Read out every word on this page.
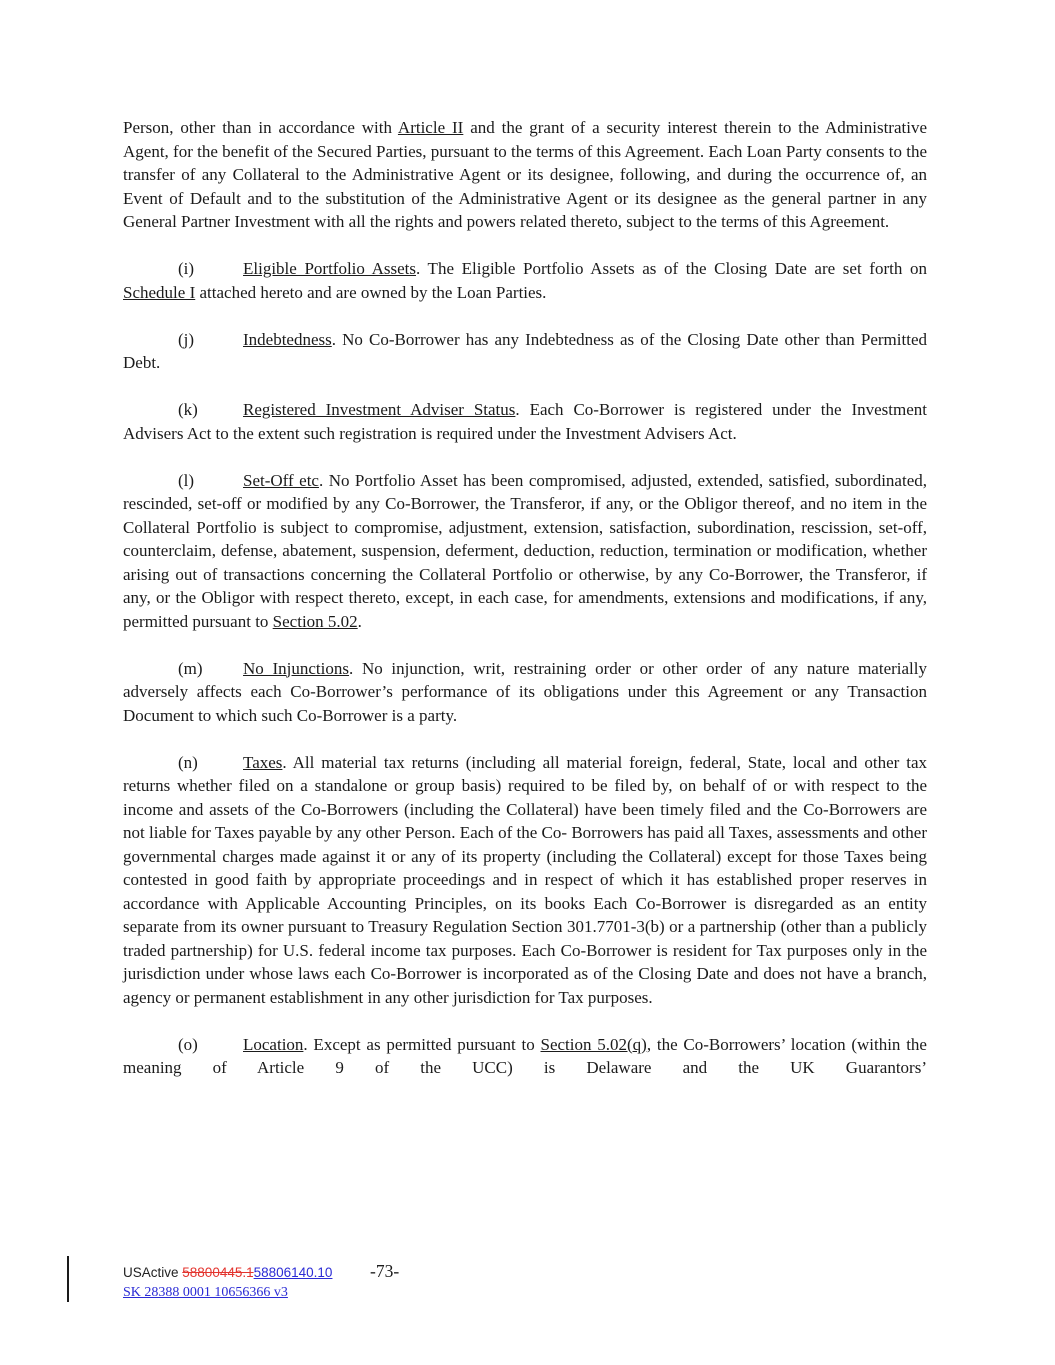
Person, other than in accordance with Article II and the grant of a security interest therein to the Administrative Agent, for the benefit of the Secured Parties, pursuant to the terms of this Agreement. Each Loan Party consents to the transfer of any Collateral to the Administrative Agent or its designee, following, and during the occurrence of, an Event of Default and to the substitution of the Administrative Agent or its designee as the general partner in any General Partner Investment with all the rights and powers related thereto, subject to the terms of this Agreement.

(i)	Eligible Portfolio Assets. The Eligible Portfolio Assets as of the Closing Date are set forth on Schedule I attached hereto and are owned by the Loan Parties.

(j)	Indebtedness. No Co-Borrower has any Indebtedness as of the Closing Date other than Permitted Debt.

(k)	Registered Investment Adviser Status. Each Co-Borrower is registered under the Investment Advisers Act to the extent such registration is required under the Investment Advisers Act.

(l)	Set-Off etc. No Portfolio Asset has been compromised, adjusted, extended, satisfied, subordinated, rescinded, set-off or modified by any Co-Borrower, the Transferor, if any, or the Obligor thereof, and no item in the Collateral Portfolio is subject to compromise, adjustment, extension, satisfaction, subordination, rescission, set-off, counterclaim, defense, abatement, suspension, deferment, deduction, reduction, termination or modification, whether arising out of transactions concerning the Collateral Portfolio or otherwise, by any Co-Borrower, the Transferor, if any, or the Obligor with respect thereto, except, in each case, for amendments, extensions and modifications, if any, permitted pursuant to Section 5.02.

(m) No Injunctions. No injunction, writ, restraining order or other order of any nature materially adversely affects each Co-Borrower’s performance of its obligations under this Agreement or any Transaction Document to which such Co-Borrower is a party.

(n)	Taxes. All material tax returns (including all material foreign, federal, State, local and other tax returns whether filed on a standalone or group basis) required to be filed by, on behalf of or with respect to the income and assets of the Co-Borrowers (including the Collateral) have been timely filed and the Co-Borrowers are not liable for Taxes payable by any other Person. Each of the Co- Borrowers has paid all Taxes, assessments and other governmental charges made against it or any of its property (including the Collateral) except for those Taxes being contested in good faith by appropriate proceedings and in respect of which it has established proper reserves in accordance with Applicable Accounting Principles, on its books Each Co-Borrower is disregarded as an entity separate from its owner pursuant to Treasury Regulation Section 301.7701-3(b) or a partnership (other than a publicly traded partnership) for U.S. federal income tax purposes. Each Co-Borrower is resident for Tax purposes only in the jurisdiction under whose laws each Co-Borrower is incorporated as of the Closing Date and does not have a branch, agency or permanent establishment in any other jurisdiction for Tax purposes.

(o)	Location. Except as permitted pursuant to Section 5.02(q), the Co-Borrowers’ location (within the meaning of Article 9 of the UCC) is Delaware and the UK Guarantors’

USActive 58800445.158806140.10 -73-
SK 28388 0001 10656366 v3
